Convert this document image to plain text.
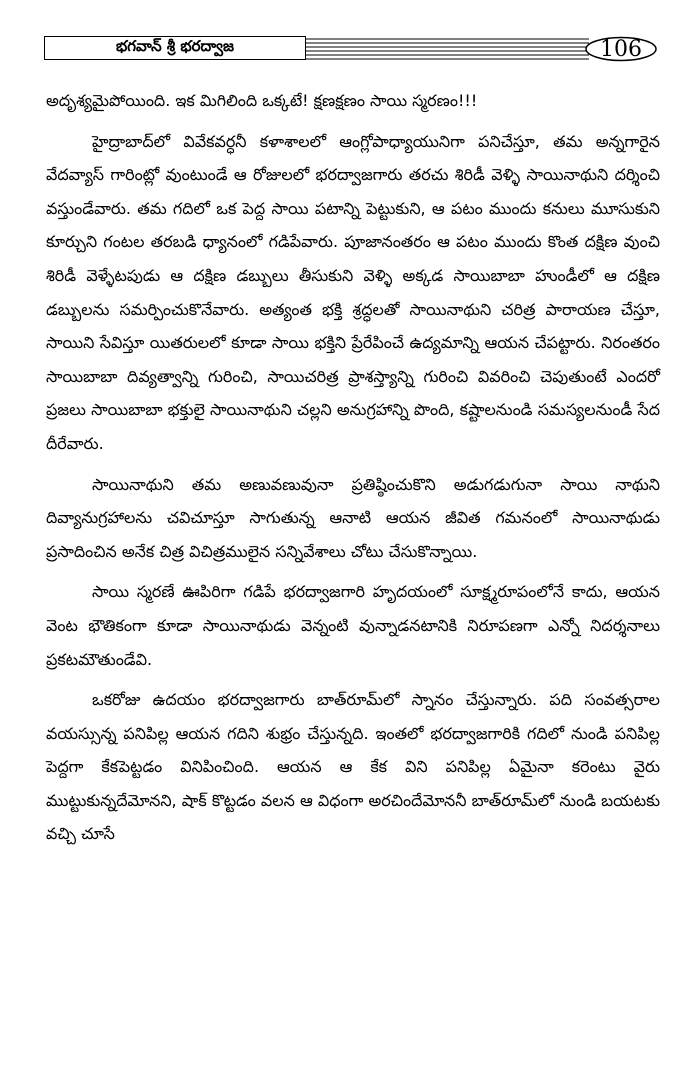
భగవాన్ శ్రీ భరద్వాజ	106

అదృశ్యమైపోయింది. ఇక మిగిలింది ఒక్కటే! క్షణక్షణం సాయి స్మరణం!!!

హైద్రాబాద్‌లో వివేకవర్ధనీ కళాశాలలో ఆంగ్లోపాధ్యాయునిగా పనిచేస్తూ, తమ అన్నగారైన వేదవ్యాస్ గారింట్లో వుంటుండే ఆ రోజులలో భరద్వాజగారు తరచు శిరిడీ వెళ్ళి సాయినాథుని దర్శించి వస్తుండేవారు. తమ గదిలో ఒక పెద్ద సాయి పటాన్ని పెట్టుకుని, ఆ పటం ముందు కనులు మూసుకుని కూర్చుని గంటల తరబడి ధ్యానంలో గడిపేవారు. పూజానంతరం ఆ పటం ముందు కొంత దక్షిణ వుంచి శిరిడీ వెళ్ళేటపుడు ఆ దక్షిణ డబ్బులు తీసుకుని వెళ్ళి అక్కడ సాయిబాబా హుండీలో ఆ దక్షిణ డబ్బులను సమర్పించుకొనేవారు. అత్యంత భక్తి శ్రద్ధలతో సాయినాథుని చరిత్ర పారాయణ చేస్తూ, సాయిని సేవిస్తూ యితరులలో కూడా సాయి భక్తిని ప్రేరేపించే ఉద్యమాన్ని ఆయన చేపట్టారు. నిరంతరం సాయిబాబా దివ్యత్వాన్ని గురించి, సాయిచరిత్ర ప్రాశస్త్యాన్ని గురించి వివరించి చెపుతుంటే ఎందరో ప్రజలు సాయిబాబా భక్తులై సాయినాథుని చల్లని అనుగ్రహాన్ని పొంది, కష్టాలనుండి సమస్యలనుండీ సేద దీరేవారు.

సాయినాథుని తమ అణువణువునా ప్రతిష్ఠించుకొని అడుగడుగునా సాయి నాథుని దివ్యానుగ్రహాలను చవిచూస్తూ సాగుతున్న ఆనాటి ఆయన జీవిత గమనంలో సాయినాథుడు ప్రసాదించిన అనేక చిత్ర విచిత్రములైన సన్నివేశాలు చోటు చేసుకొన్నాయి.

సాయి స్మరణే ఊపిరిగా గడిపే భరద్వాజగారి హృదయంలో సూక్ష్మరూపంలోనే కాదు, ఆయన వెంట భౌతికంగా కూడా సాయినాథుడు వెన్నంటి వున్నాడనటానికి నిరూపణగా ఎన్నో నిదర్శనాలు ప్రకటమౌతుండేవి.

ఒకరోజు ఉదయం భరద్వాజగారు బాత్‌రూమ్‌లో స్నానం చేస్తున్నారు. పది సంవత్సరాల వయస్సున్న పనిపిల్ల ఆయన గదిని శుభ్రం చేస్తున్నది. ఇంతలో భరద్వాజగారికి గదిలో నుండి పనిపిల్ల పెద్దగా కేకపెట్టడం వినిపించింది. ఆయన ఆ కేక విని పనిపిల్ల ఏమైనా కరెంటు వైరు ముట్టుకున్నదేమోనని, షాక్ కొట్టడం వలన ఆ విధంగా అరచిందేమోననీ బాత్‌రూమ్‌లో నుండి బయటకు వచ్చి చూసే
